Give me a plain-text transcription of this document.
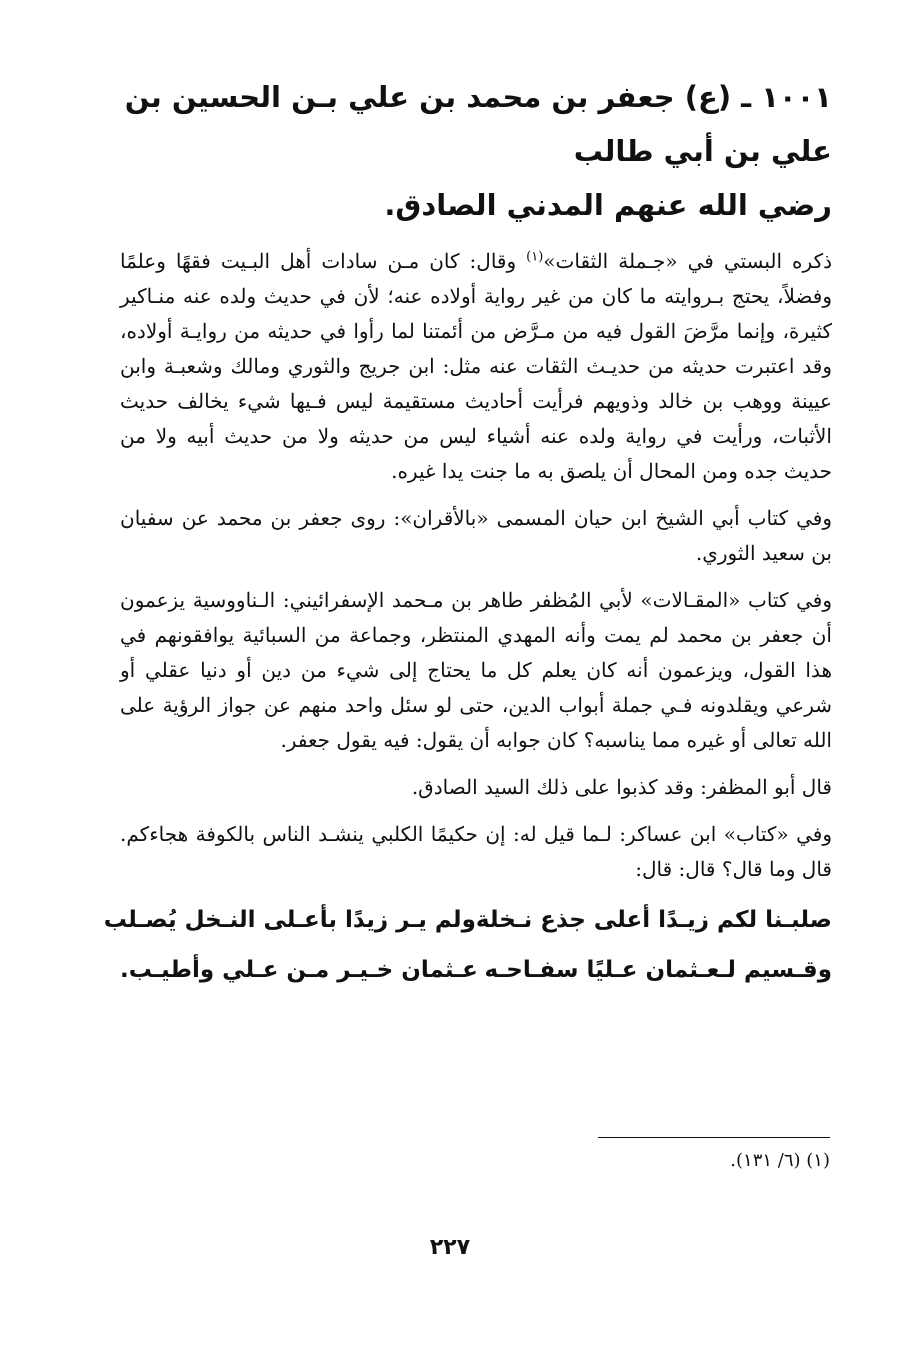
١٠٠١ ـ (ع) جعفر بن محمد بن علي بـن الحسين بن علي بن أبي طالب
رضي الله عنهم المدني الصادق.

ذكره البستي في «جـملة الثقات»$^{(١)}$ وقال: كان مـن سادات أهل البـيت فقهًا وعلمًا وفضلاً، يحتج بـروايته ما كان من غير رواية أولاده عنه؛ لأن في حديث ولده عنه منـاكير كثيرة، وإنما مرَّضَ القول فيه من مـرَّض من أئمتنا لما رأوا في حديثه من روايـة أولاده، وقد اعتبرت حديثه من حديـث الثقات عنه مثل: ابن جريج والثوري ومالك وشعبـة وابن عيينة ووهب بن خالد وذويهم فرأيت أحاديث مستقيمة ليس فـيها شيء يخالف حديث الأثبات، ورأيت في رواية ولده عنه أشياء ليس من حديثه ولا من حديث أبيه ولا من حديث جده ومن المحال أن يلصق به ما جنت يدا غيره.

وفي كتاب أبي الشيخ ابن حيان المسمى «بالأقران»: روى جعفر بن محمد عن سفيان بن سعيد الثوري.

وفي كتاب «المقـالات» لأبي المُظفر طاهر بن مـحمد الإسفرائيني: الـناووسية يزعمون أن جعفر بن محمد لم يمت وأنه المهدي المنتظر، وجماعة من السبائية يوافقونهم في هذا القول، ويزعمون أنه كان يعلم كل ما يحتاج إلى شيء من دين أو دنيا عقلي أو شرعي ويقلدونه فـي جملة أبواب الدين، حتى لو سئل واحد منهم عن جواز الرؤية على الله تعالى أو غيره مما يناسبه؟ كان جوابه أن يقول: فيه يقول جعفر.

قال أبو المظفر: وقد كذبوا على ذلك السيد الصادق.

وفي «كتاب» ابن عساكر: لـما قيل له: إن حكيمًا الكلبي ينشـد الناس بالكوفة هجاءكم. قال وما قال؟ قال: قال:

صلبـنا لكم زيـدًا أعلى جذع نـخلة
ولم يـر زيدًا بأعـلى النـخل يُصـلب
وقـسيم لـعـثمان عـليًا سفـاحـه
عـثمان خـيـر مـن عـلي وأطيـب.
(١) (٦/ ١٣١).
٢٢٧
